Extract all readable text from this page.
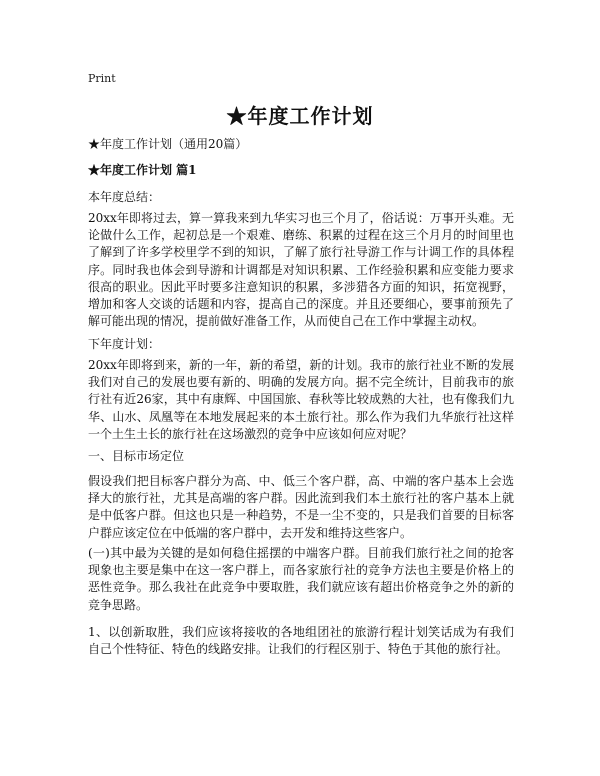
Print
★年度工作计划
★年度工作计划（通用20篇）
★年度工作计划 篇1
本年度总结：
20xx年即将过去，算一算我来到九华实习也三个月了，俗话说：万事开头难。无论做什么工作，起初总是一个艰难、磨练、积累的过程在这三个月月的时间里也了解到了许多学校里学不到的知识，了解了旅行社导游工作与计调工作的具体程序。同时我也体会到导游和计调都是对知识积累、工作经验积累和应变能力要求很高的职业。因此平时要多注意知识的积累，多涉猎各方面的知识，拓宽视野，增加和客人交谈的话题和内容，提高自己的深度。并且还要细心，要事前预先了解可能出现的情况，提前做好准备工作，从而使自己在工作中掌握主动权。
下年度计划：
20xx年即将到来，新的一年，新的希望，新的计划。我市的旅行社业不断的发展我们对自己的发展也要有新的、明确的发展方向。据不完全统计，目前我市的旅行社有近26家，其中有康辉、中国国旅、春秋等比较成熟的大社，也有像我们九华、山水、凤凰等在本地发展起来的本土旅行社。那么作为我们九华旅行社这样一个土生土长的旅行社在这场激烈的竞争中应该如何应对呢？
一、目标市场定位
假设我们把目标客户群分为高、中、低三个客户群，高、中端的客户基本上会选择大的旅行社，尤其是高端的客户群。因此流到我们本土旅行社的客户基本上就是中低客户群。但这也只是一种趋势，不是一尘不变的，只是我们首要的目标客户群应该定位在中低端的客户群中，去开发和维持这些客户。
(一)其中最为关键的是如何稳住摇摆的中端客户群。目前我们旅行社之间的抢客现象也主要是集中在这一客户群上，而各家旅行社的竞争方法也主要是价格上的恶性竞争。那么我社在此竞争中要取胜，我们就应该有超出价格竞争之外的新的竞争思路。
1、以创新取胜，我们应该将接收的各地组团社的旅游行程计划笑话成为有我们自己个性特征、特色的线路安排。让我们的行程区别于、特色于其他的旅行社。
